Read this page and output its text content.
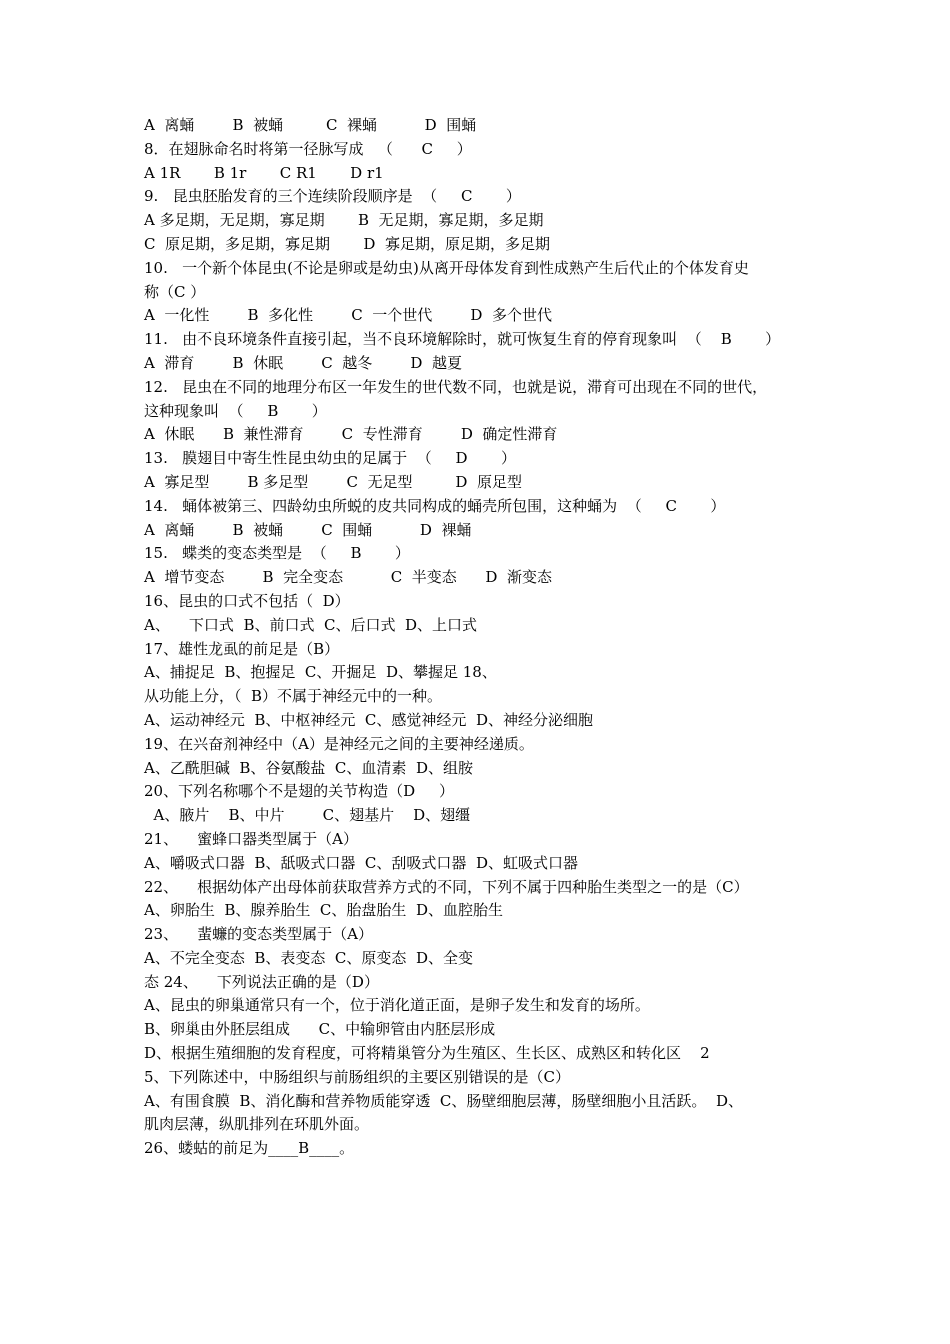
A  离蛹        B  被蛹         C  裸蛹          D  围蛹
8．在翅脉命名时将第一径脉写成   （      C     ）
A 1R       B 1r       C R1       D r1
9.   昆虫胚胎发育的三个连续阶段顺序是  （     C       ）
A 多足期，无足期，寡足期       B  无足期，寡足期，多足期
C  原足期，多足期，寡足期       D  寡足期，原足期，多足期
10.   一个新个体昆虫(不论是卵或是幼虫)从离开母体发育到性成熟产生后代止的个体发育史
称（C ）
A  一化性        B  多化性        C  一个世代        D  多个世代
11.   由不良环境条件直接引起，当不良环境解除时，就可恢复生育的停育现象叫  （    B       ）
A  滞育        B  休眠        C  越冬        D  越夏
12.   昆虫在不同的地理分布区一年发生的世代数不同，也就是说，滞育可出现在不同的世代，
这种现象叫  （     B       ）
A  休眠      B  兼性滞育        C  专性滞育        D  确定性滞育
13.   膜翅目中寄生性昆虫幼虫的足属于  （     D       ）
A  寡足型        B 多足型        C  无足型         D  原足型
14.   蛹体被第三、四龄幼虫所蜕的皮共同构成的蛹壳所包围，这种蛹为  （     C       ）
A  离蛹        B  被蛹        C  围蛹          D  裸蛹
15.   蝶类的变态类型是  （     B       ）
A  增节变态        B  完全变态          C  半变态      D  渐变态
16、昆虫的口式不包括（  D）
A、    下口式  B、前口式  C、后口式  D、上口式
17、雄性龙虱的前足是（B）
A、捕捉足  B、抱握足  C、开掘足  D、攀握足 18、
从功能上分，（  B）不属于神经元中的一种。
A、运动神经元  B、中枢神经元  C、感觉神经元  D、神经分泌细胞
19、在兴奋剂神经中（A）是神经元之间的主要神经递质。
A、乙酰胆碱  B、谷氨酸盐  C、血清素  D、组胺
20、下列名称哪个不是翅的关节构造（D     ）
A、腋片    B、中片        C、翅基片    D、翅缰
21、    蜜蜂口器类型属于（A）
A、嚼吸式口器  B、舐吸式口器  C、刮吸式口器  D、虹吸式口器
22、    根据幼体产出母体前获取营养方式的不同，下列不属于四种胎生类型之一的是（C）
A、卵胎生  B、腺养胎生  C、胎盘胎生  D、血腔胎生
23、    蜚蠊的变态类型属于（A）
A、不完全变态  B、表变态  C、原变态  D、全变
态 24、    下列说法正确的是（D）
A、昆虫的卵巢通常只有一个，位于消化道正面，是卵子发生和发育的场所。
B、卵巢由外胚层组成      C、中输卵管由内胚层形成
D、根据生殖细胞的发育程度，可将精巢管分为生殖区、生长区、成熟区和转化区    2
5、下列陈述中，中肠组织与前肠组织的主要区别错误的是（C）
A、有围食膜  B、消化酶和营养物质能穿透  C、肠壁细胞层薄，肠壁细胞小且活跃。  D、
肌肉层薄，纵肌排列在环肌外面。
26、蝼蛄的前足为____B____。
